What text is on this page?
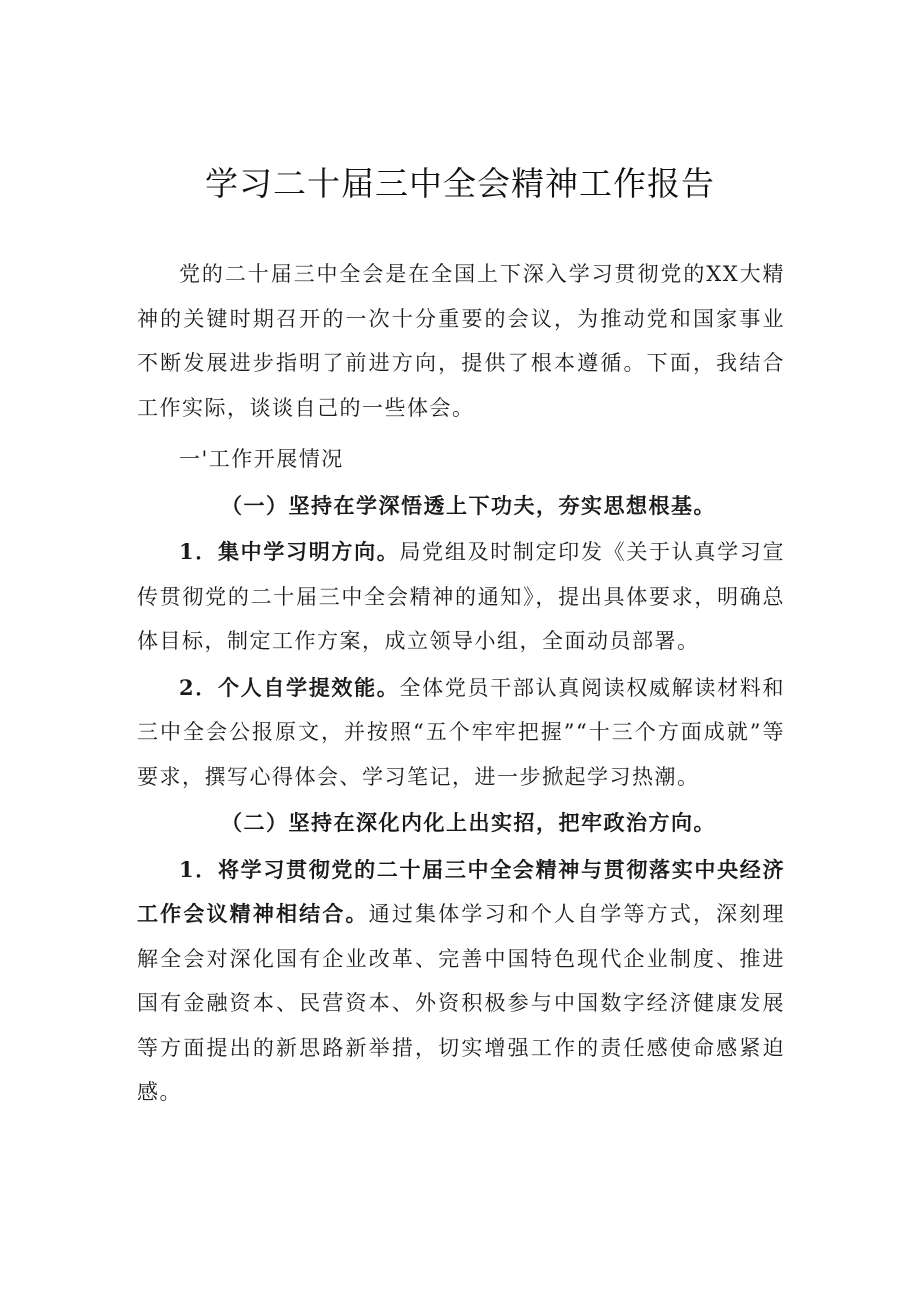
学习二十届三中全会精神工作报告

党的二十届三中全会是在全国上下深入学习贯彻党的XX大精神的关键时期召开的一次十分重要的会议，为推动党和国家事业不断发展进步指明了前进方向，提供了根本遵循。下面，我结合工作实际，谈谈自己的一些体会。

一'工作开展情况

（一）坚持在学深悟透上下功夫，夯实思想根基。

1．集中学习明方向。局党组及时制定印发《关于认真学习宣传贯彻党的二十届三中全会精神的通知》，提出具体要求，明确总体目标，制定工作方案，成立领导小组，全面动员部署。

2．个人自学提效能。全体党员干部认真阅读权威解读材料和三中全会公报原文，并按照“五个牢牢把握”“十三个方面成就”等要求，撰写心得体会、学习笔记，进一步掀起学习热潮。

（二）坚持在深化内化上出实招，把牢政治方向。

1．将学习贯彻党的二十届三中全会精神与贯彻落实中央经济工作会议精神相结合。通过集体学习和个人自学等方式，深刻理解全会对深化国有企业改革、完善中国特色现代企业制度、推进国有金融资本、民营资本、外资积极参与中国数字经济健康发展等方面提出的新思路新举措，切实增强工作的责任感使命感紧迫感。
